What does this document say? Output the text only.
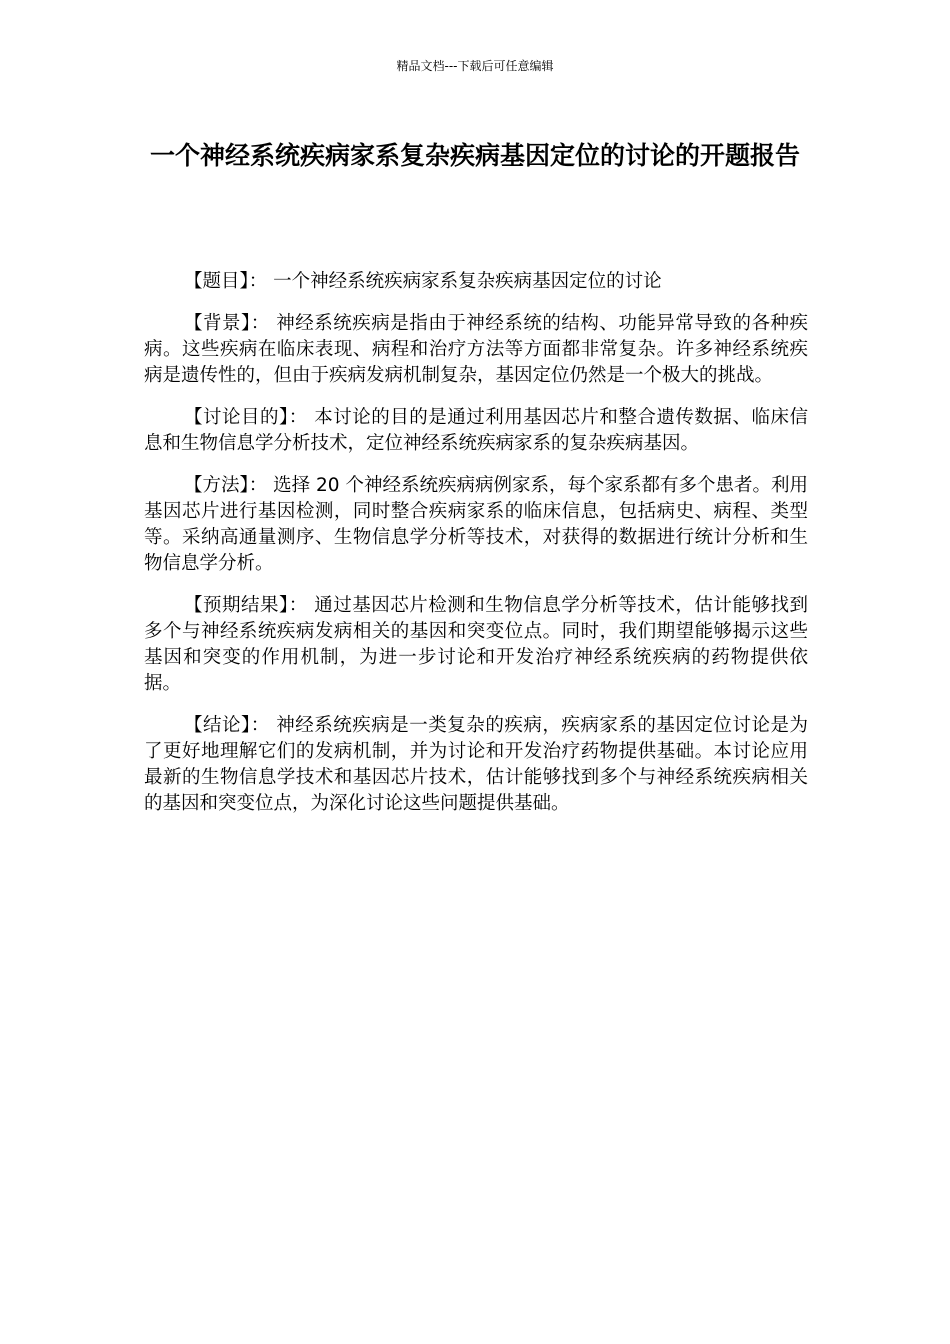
精品文档---下载后可任意编辑
一个神经系统疾病家系复杂疾病基因定位的讨论的开题报告

【题目】： 一个神经系统疾病家系复杂疾病基因定位的讨论

【背景】： 神经系统疾病是指由于神经系统的结构、功能异常导致的各种疾病。这些疾病在临床表现、病程和治疗方法等方面都非常复杂。许多神经系统疾病是遗传性的，但由于疾病发病机制复杂，基因定位仍然是一个极大的挑战。

【讨论目的】： 本讨论的目的是通过利用基因芯片和整合遗传数据、临床信息和生物信息学分析技术，定位神经系统疾病家系的复杂疾病基因。

【方法】： 选择 20 个神经系统疾病病例家系，每个家系都有多个患者。利用基因芯片进行基因检测，同时整合疾病家系的临床信息，包括病史、病程、类型等。采纳高通量测序、生物信息学分析等技术，对获得的数据进行统计分析和生物信息学分析。

【预期结果】： 通过基因芯片检测和生物信息学分析等技术，估计能够找到多个与神经系统疾病发病相关的基因和突变位点。同时，我们期望能够揭示这些基因和突变的作用机制，为进一步讨论和开发治疗神经系统疾病的药物提供依据。

【结论】： 神经系统疾病是一类复杂的疾病，疾病家系的基因定位讨论是为了更好地理解它们的发病机制，并为讨论和开发治疗药物提供基础。本讨论应用最新的生物信息学技术和基因芯片技术，估计能够找到多个与神经系统疾病相关的基因和突变位点，为深化讨论这些问题提供基础。
